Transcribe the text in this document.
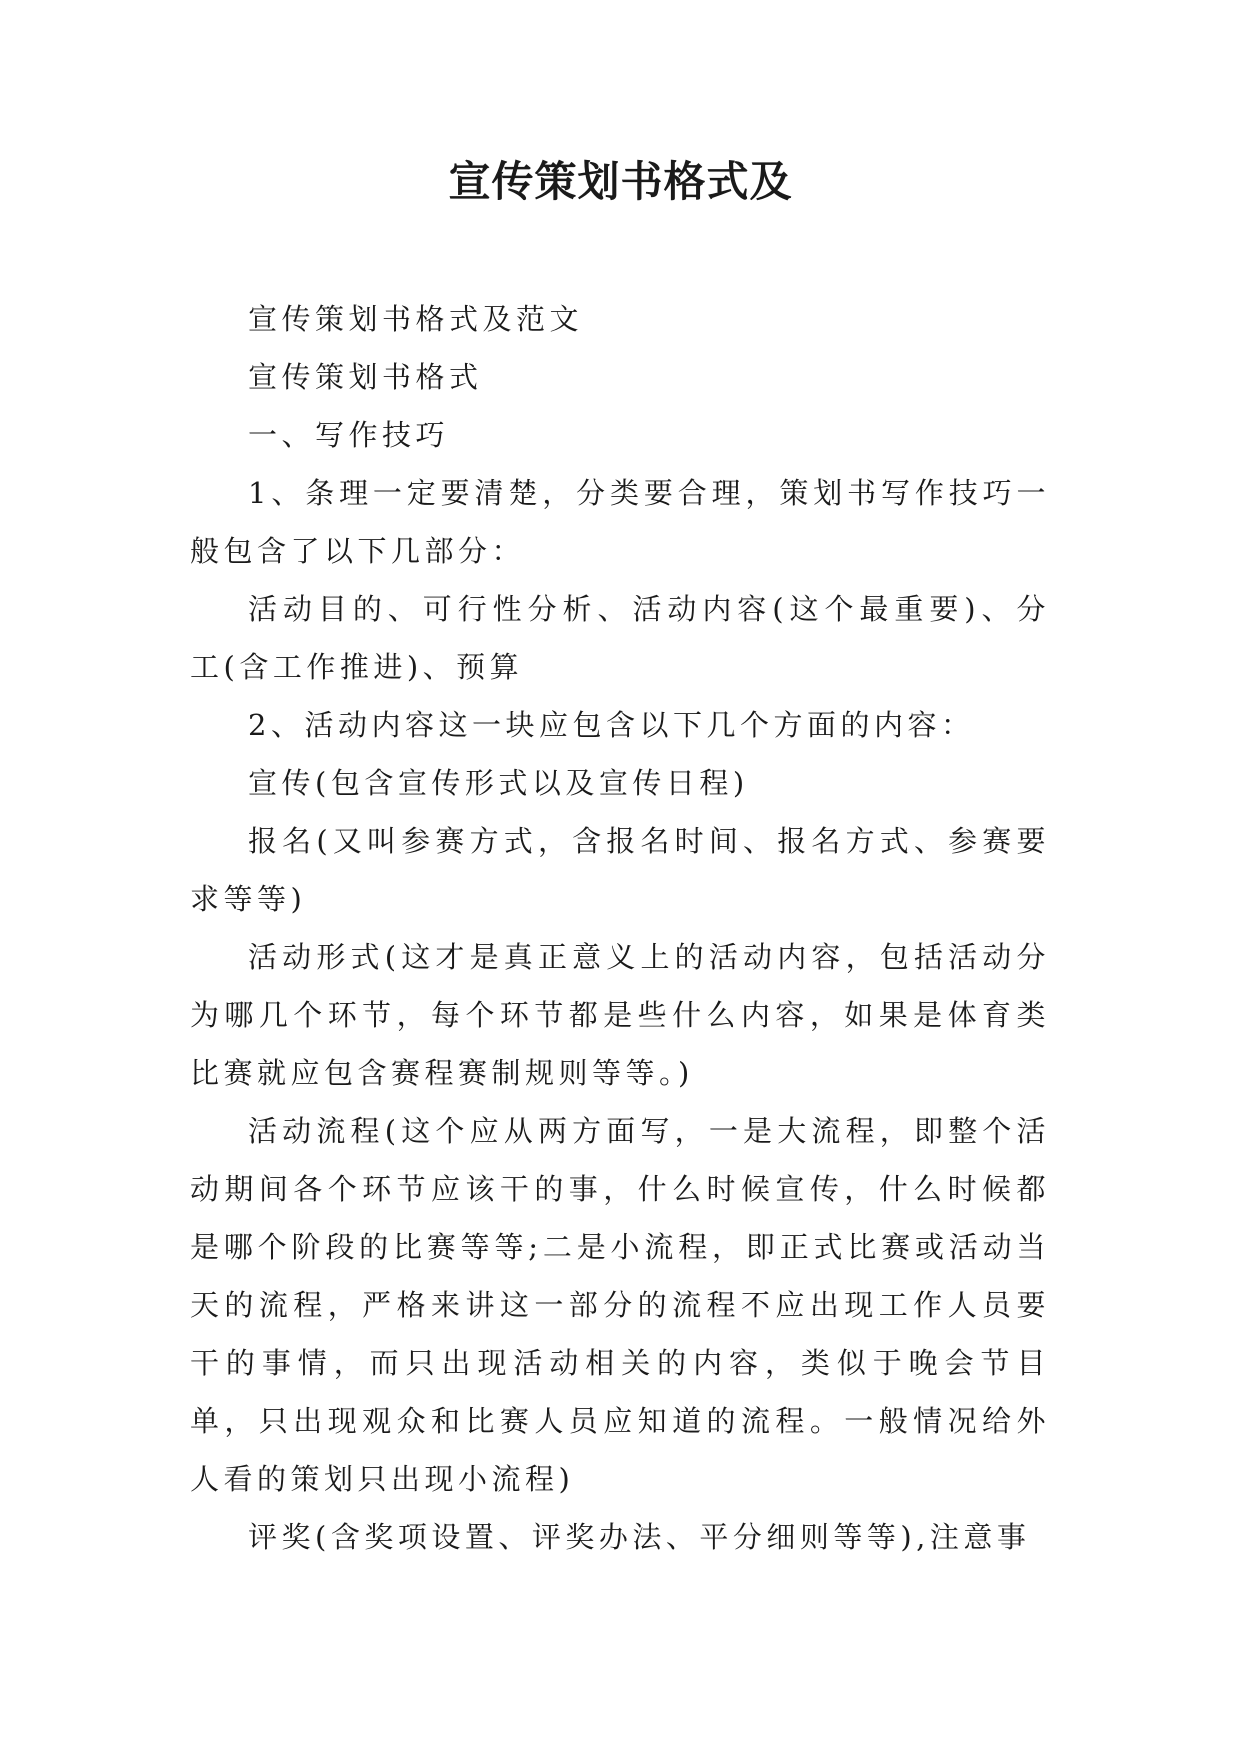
宣传策划书格式及

宣传策划书格式及范文

宣传策划书格式

一、写作技巧

1、条理一定要清楚，分类要合理，策划书写作技巧一般包含了以下几部分：

活动目的、可行性分析、活动内容(这个最重要)、分工(含工作推进)、预算

2、活动内容这一块应包含以下几个方面的内容：

宣传(包含宣传形式以及宣传日程)

报名(又叫参赛方式，含报名时间、报名方式、参赛要求等等)

活动形式(这才是真正意义上的活动内容，包括活动分为哪几个环节，每个环节都是些什么内容，如果是体育类比赛就应包含赛程赛制规则等等。)

活动流程(这个应从两方面写，一是大流程，即整个活动期间各个环节应该干的事，什么时候宣传，什么时候都是哪个阶段的比赛等等;二是小流程，即正式比赛或活动当天的流程，严格来讲这一部分的流程不应出现工作人员要干的事情，而只出现活动相关的内容，类似于晚会节目单，只出现观众和比赛人员应知道的流程。一般情况给外人看的策划只出现小流程)

评奖(含奖项设置、评奖办法、平分细则等等),注意事
